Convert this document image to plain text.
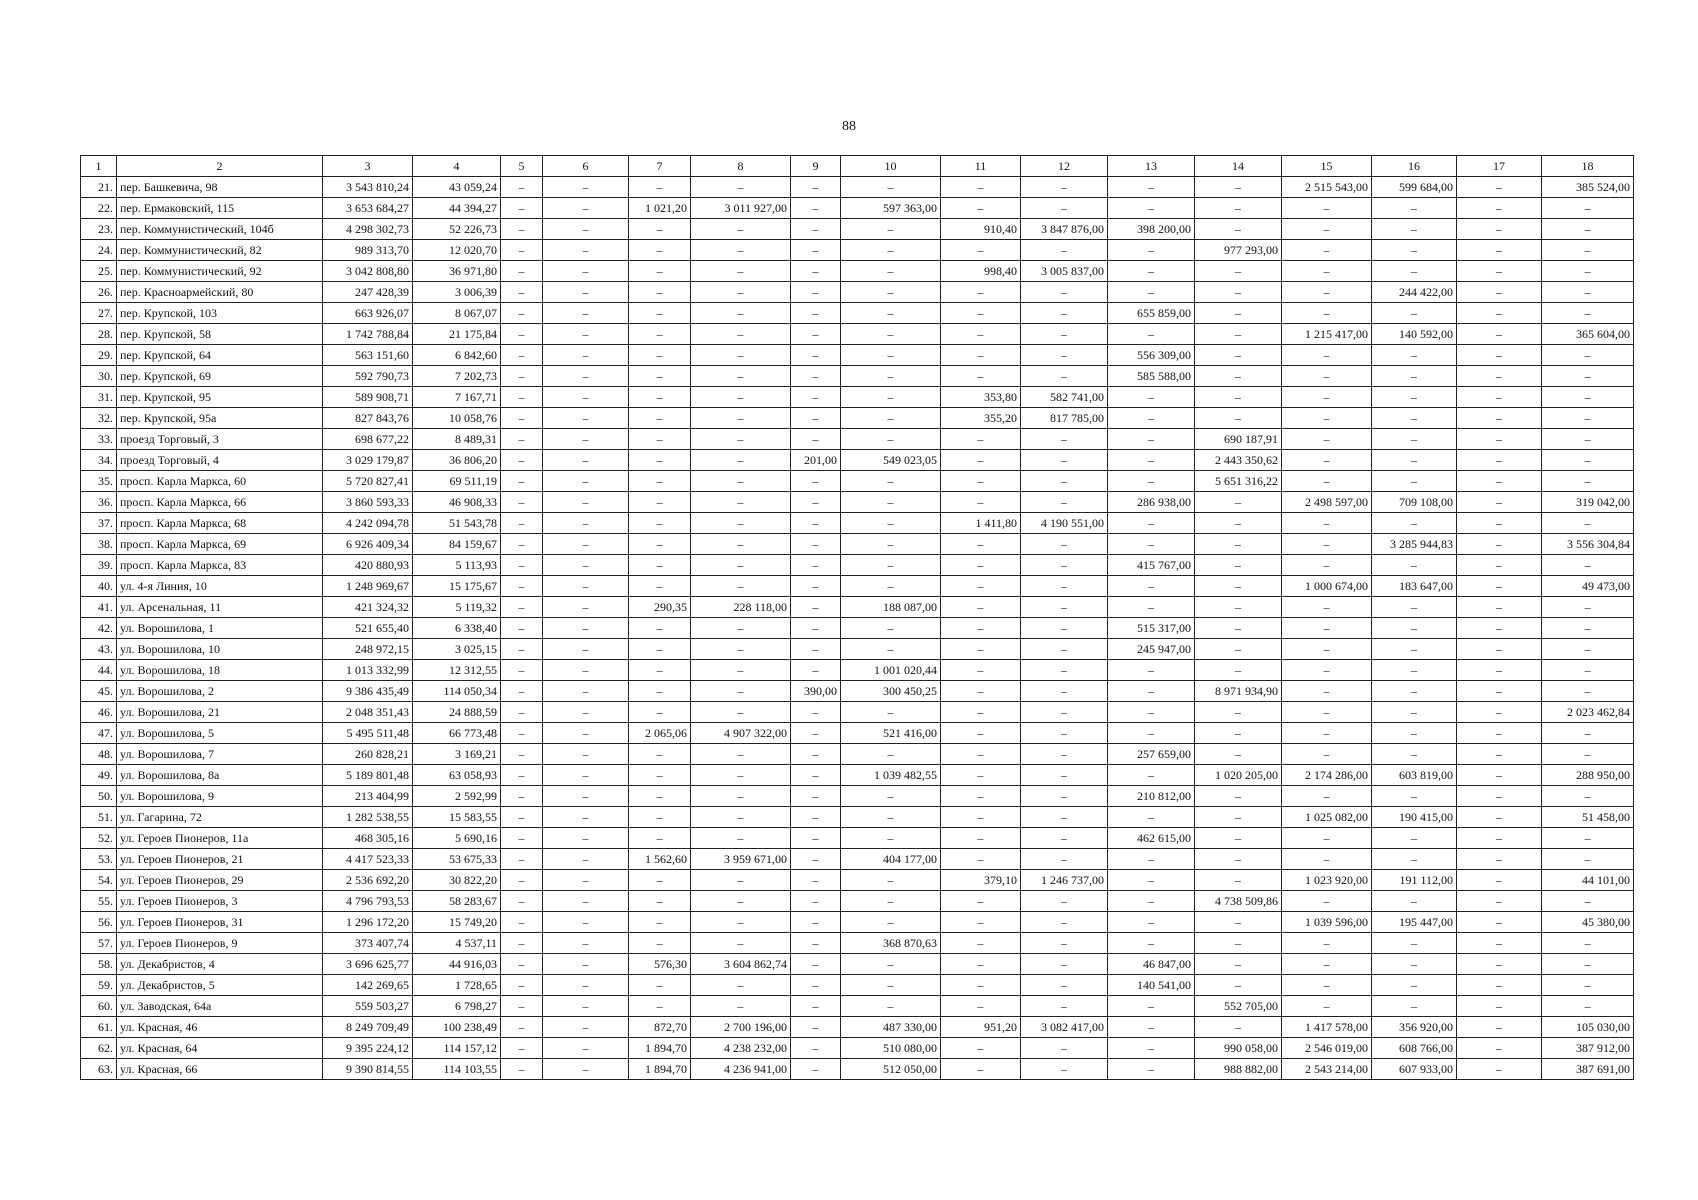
88
1	2	3	4	5	6	7	8	9	10	11	12	13	14	15	16	17	18
21.	пер. Башкевича, 98	3 543 810,24	43 059,24	–	–	–	–	–	–	–	–	–	–	2 515 543,00	599 684,00	–	385 524,00
22.	пер. Ермаковский, 115	3 653 684,27	44 394,27	–	–	1 021,20	3 011 927,00	–	597 363,00	–	–	–	–	–	–	–	–
23.	пер. Коммунистический, 104б	4 298 302,73	52 226,73	–	–	–	–	–	–	910,40	3 847 876,00	398 200,00	–	–	–	–	–
24.	пер. Коммунистический, 82	989 313,70	12 020,70	–	–	–	–	–	–	–	–	–	977 293,00	–	–	–	–
25.	пер. Коммунистический, 92	3 042 808,80	36 971,80	–	–	–	–	–	–	998,40	3 005 837,00	–	–	–	–	–	–
26.	пер. Красноармейский, 80	247 428,39	3 006,39	–	–	–	–	–	–	–	–	–	–	–	244 422,00	–	–
27.	пер. Крупской, 103	663 926,07	8 067,07	–	–	–	–	–	–	–	–	655 859,00	–	–	–	–	–
28.	пер. Крупской, 58	1 742 788,84	21 175,84	–	–	–	–	–	–	–	–	–	–	1 215 417,00	140 592,00	–	365 604,00
29.	пер. Крупской, 64	563 151,60	6 842,60	–	–	–	–	–	–	–	–	556 309,00	–	–	–	–	–
30.	пер. Крупской, 69	592 790,73	7 202,73	–	–	–	–	–	–	–	–	585 588,00	–	–	–	–	–
31.	пер. Крупской, 95	589 908,71	7 167,71	–	–	–	–	–	–	353,80	582 741,00	–	–	–	–	–	–
32.	пер. Крупской, 95а	827 843,76	10 058,76	–	–	–	–	–	–	355,20	817 785,00	–	–	–	–	–	–
33.	проезд Торговый, 3	698 677,22	8 489,31	–	–	–	–	–	–	–	–	–	690 187,91	–	–	–	–
34.	проезд Торговый, 4	3 029 179,87	36 806,20	–	–	–	–	201,00	549 023,05	–	–	–	2 443 350,62	–	–	–	–
35.	просп. Карла Маркса, 60	5 720 827,41	69 511,19	–	–	–	–	–	–	–	–	–	5 651 316,22	–	–	–	–
36.	просп. Карла Маркса, 66	3 860 593,33	46 908,33	–	–	–	–	–	–	–	–	286 938,00	–	2 498 597,00	709 108,00	–	319 042,00
37.	просп. Карла Маркса, 68	4 242 094,78	51 543,78	–	–	–	–	–	–	1 411,80	4 190 551,00	–	–	–	–	–	–
38.	просп. Карла Маркса, 69	6 926 409,34	84 159,67	–	–	–	–	–	–	–	–	–	–	–	3 285 944,83	–	3 556 304,84
39.	просп. Карла Маркса, 83	420 880,93	5 113,93	–	–	–	–	–	–	–	–	415 767,00	–	–	–	–	–
40.	ул. 4-я Линия, 10	1 248 969,67	15 175,67	–	–	–	–	–	–	–	–	–	–	1 000 674,00	183 647,00	–	49 473,00
41.	ул. Арсенальная, 11	421 324,32	5 119,32	–	–	290,35	228 118,00	–	188 087,00	–	–	–	–	–	–	–	–
42.	ул. Ворошилова, 1	521 655,40	6 338,40	–	–	–	–	–	–	–	–	515 317,00	–	–	–	–	–
43.	ул. Ворошилова, 10	248 972,15	3 025,15	–	–	–	–	–	–	–	–	245 947,00	–	–	–	–	–
44.	ул. Ворошилова, 18	1 013 332,99	12 312,55	–	–	–	–	–	1 001 020,44	–	–	–	–	–	–	–	–
45.	ул. Ворошилова, 2	9 386 435,49	114 050,34	–	–	–	–	390,00	300 450,25	–	–	–	8 971 934,90	–	–	–	–
46.	ул. Ворошилова, 21	2 048 351,43	24 888,59	–	–	–	–	–	–	–	–	–	–	–	–	–	2 023 462,84
47.	ул. Ворошилова, 5	5 495 511,48	66 773,48	–	–	2 065,06	4 907 322,00	–	521 416,00	–	–	–	–	–	–	–	–
48.	ул. Ворошилова, 7	260 828,21	3 169,21	–	–	–	–	–	–	–	–	257 659,00	–	–	–	–	–
49.	ул. Ворошилова, 8а	5 189 801,48	63 058,93	–	–	–	–	–	1 039 482,55	–	–	–	1 020 205,00	2 174 286,00	603 819,00	–	288 950,00
50.	ул. Ворошилова, 9	213 404,99	2 592,99	–	–	–	–	–	–	–	–	210 812,00	–	–	–	–	–
51.	ул. Гагарина, 72	1 282 538,55	15 583,55	–	–	–	–	–	–	–	–	–	–	1 025 082,00	190 415,00	–	51 458,00
52.	ул. Героев Пионеров, 11а	468 305,16	5 690,16	–	–	–	–	–	–	–	–	462 615,00	–	–	–	–	–
53.	ул. Героев Пионеров, 21	4 417 523,33	53 675,33	–	–	1 562,60	3 959 671,00	–	404 177,00	–	–	–	–	–	–	–	–
54.	ул. Героев Пионеров, 29	2 536 692,20	30 822,20	–	–	–	–	–	–	379,10	1 246 737,00	–	–	1 023 920,00	191 112,00	–	44 101,00
55.	ул. Героев Пионеров, 3	4 796 793,53	58 283,67	–	–	–	–	–	–	–	–	–	4 738 509,86	–	–	–	–
56.	ул. Героев Пионеров, 31	1 296 172,20	15 749,20	–	–	–	–	–	–	–	–	–	–	1 039 596,00	195 447,00	–	45 380,00
57.	ул. Героев Пионеров, 9	373 407,74	4 537,11	–	–	–	–	–	368 870,63	–	–	–	–	–	–	–	–
58.	ул. Декабристов, 4	3 696 625,77	44 916,03	–	–	576,30	3 604 862,74	–	–	–	–	46 847,00	–	–	–	–	–
59.	ул. Декабристов, 5	142 269,65	1 728,65	–	–	–	–	–	–	–	–	140 541,00	–	–	–	–	–
60.	ул. Заводская, 64а	559 503,27	6 798,27	–	–	–	–	–	–	–	–	–	552 705,00	–	–	–	–
61.	ул. Красная, 46	8 249 709,49	100 238,49	–	–	872,70	2 700 196,00	–	487 330,00	951,20	3 082 417,00	–	–	1 417 578,00	356 920,00	–	105 030,00
62.	ул. Красная, 64	9 395 224,12	114 157,12	–	–	1 894,70	4 238 232,00	–	510 080,00	–	–	–	990 058,00	2 546 019,00	608 766,00	–	387 912,00
63.	ул. Красная, 66	9 390 814,55	114 103,55	–	–	1 894,70	4 236 941,00	–	512 050,00	–	–	–	988 882,00	2 543 214,00	607 933,00	–	387 691,00
